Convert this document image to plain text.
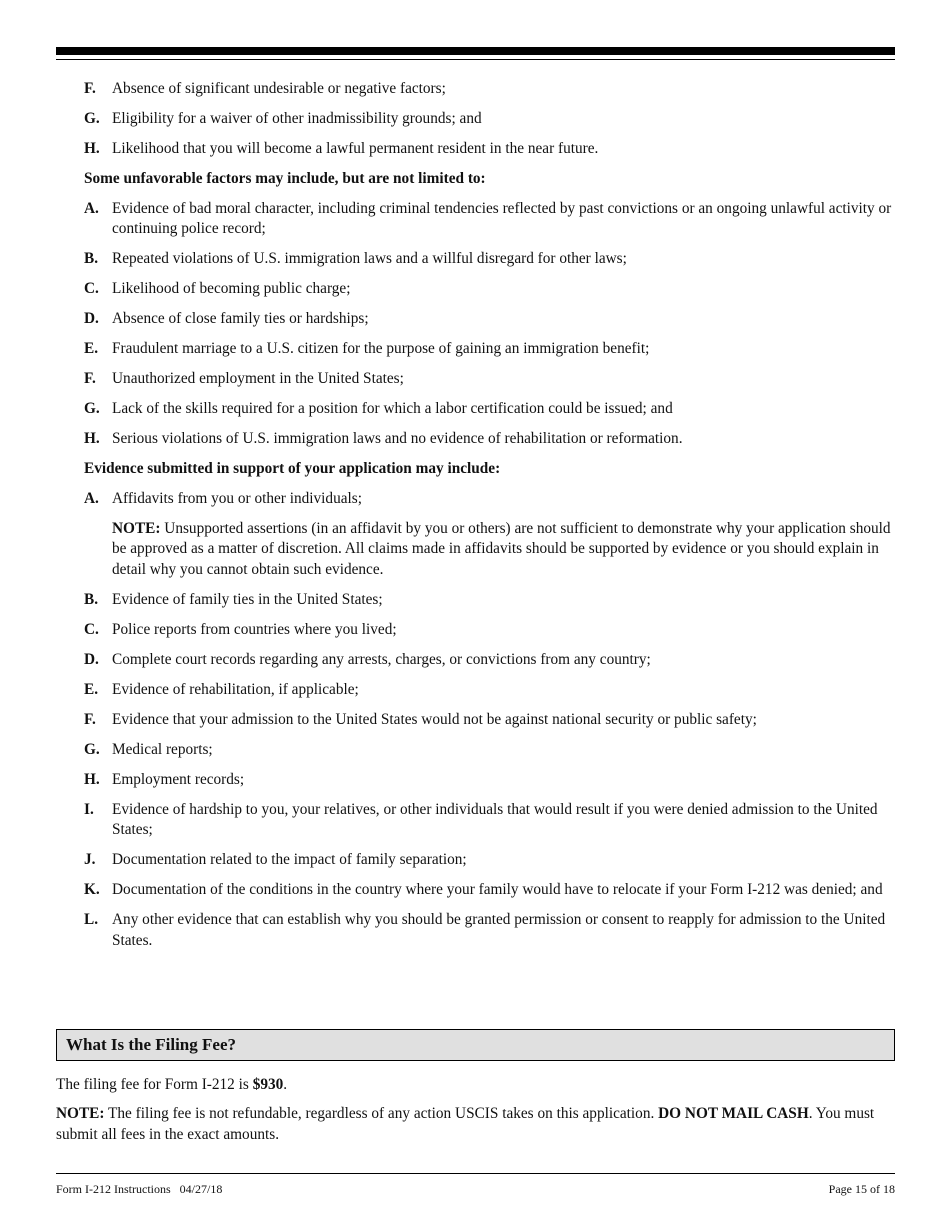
F.	Absence of significant undesirable or negative factors;
G. Eligibility for a waiver of other inadmissibility grounds; and
H. Likelihood that you will become a lawful permanent resident in the near future.
Some unfavorable factors may include, but are not limited to:
A. Evidence of bad moral character, including criminal tendencies reflected by past convictions or an ongoing unlawful activity or continuing police record;
B. Repeated violations of U.S. immigration laws and a willful disregard for other laws;
C. Likelihood of becoming public charge;
D. Absence of close family ties or hardships;
E. Fraudulent marriage to a U.S. citizen for the purpose of gaining an immigration benefit;
F.	Unauthorized employment in the United States;
G. Lack of the skills required for a position for which a labor certification could be issued; and
H. Serious violations of U.S. immigration laws and no evidence of rehabilitation or reformation.
Evidence submitted in support of your application may include:
A. Affidavits from you or other individuals;
NOTE: Unsupported assertions (in an affidavit by you or others) are not sufficient to demonstrate why your application should be approved as a matter of discretion. All claims made in affidavits should be supported by evidence or you should explain in detail why you cannot obtain such evidence.
B. Evidence of family ties in the United States;
C. Police reports from countries where you lived;
D. Complete court records regarding any arrests, charges, or convictions from any country;
E. Evidence of rehabilitation, if applicable;
F.	Evidence that your admission to the United States would not be against national security or public safety;
G. Medical reports;
H. Employment records;
I.	Evidence of hardship to you, your relatives, or other individuals that would result if you were denied admission to the United States;
J.	Documentation related to the impact of family separation;
K. Documentation of the conditions in the country where your family would have to relocate if your Form I-212 was denied; and
L. Any other evidence that can establish why you should be granted permission or consent to reapply for admission to the United States.
What Is the Filing Fee?
The filing fee for Form I-212 is $930.
NOTE: The filing fee is not refundable, regardless of any action USCIS takes on this application. DO NOT MAIL CASH. You must submit all fees in the exact amounts.
Form I-212 Instructions   04/27/18	Page 15 of 18
